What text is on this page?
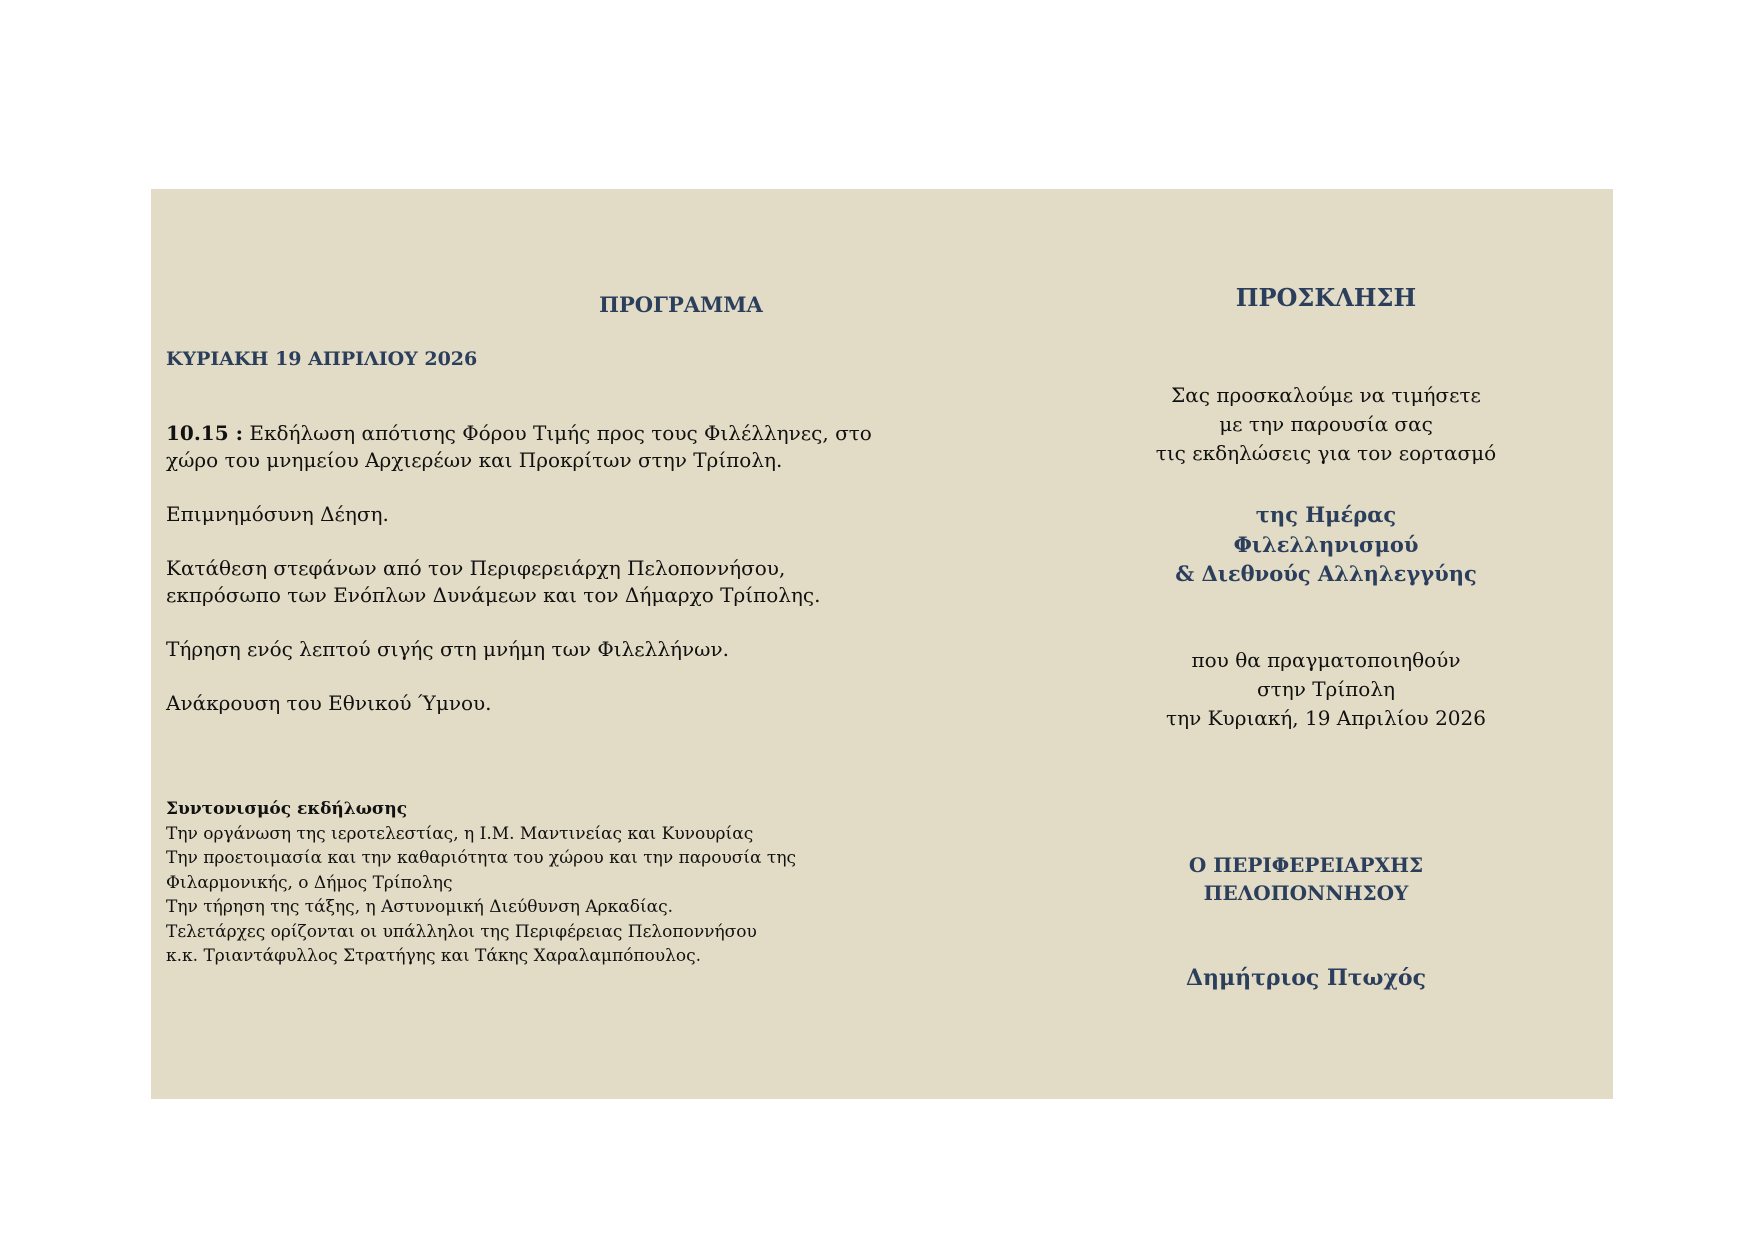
ΠΡΟΓΡΑΜΜΑ
ΚΥΡΙΑΚΗ 19 ΑΠΡΙΛΙΟΥ 2026

10.15 : Εκδήλωση απότισης Φόρου Τιμής προς τους Φιλέλληνες, στο χώρο του μνημείου Αρχιερέων και Προκρίτων στην Τρίπολη.

Επιμνημόσυνη Δέηση.

Κατάθεση στεφάνων από τον Περιφερειάρχη Πελοποννήσου, εκπρόσωπο των Ενόπλων Δυνάμεων και τον Δήμαρχο Τρίπολης.

Τήρηση ενός λεπτού σιγής στη μνήμη των Φιλελλήνων.

Ανάκρουση του Εθνικού Ύμνου.

Συντονισμός εκδήλωσης
Την οργάνωση της ιεροτελεστίας, η Ι.Μ. Μαντινείας και Κυνουρίας
Την προετοιμασία και την καθαριότητα του χώρου και την παρουσία της
Φιλαρμονικής, ο Δήμος Τρίπολης
Την τήρηση της τάξης, η Αστυνομική Διεύθυνση Αρκαδίας.
Τελετάρχες ορίζονται οι υπάλληλοι της Περιφέρειας Πελοποννήσου
κ.κ. Τριαντάφυλλος Στρατήγης και Τάκης Χαραλαμπόπουλος.
ΠΡΟΣΚΛΗΣΗ
Σας προσκαλούμε να τιμήσετε
με την παρουσία σας
τις εκδηλώσεις για τον εορτασμό
της Ημέρας
Φιλελληνισμού
& Διεθνούς Αλληλεγγύης
που θα πραγματοποιηθούν
στην Τρίπολη
την Κυριακή, 19 Απριλίου 2026
Ο ΠΕΡΙΦΕΡΕΙΑΡΧΗΣ
ΠΕΛΟΠΟΝΝΗΣΟΥ
Δημήτριος Πτωχός
